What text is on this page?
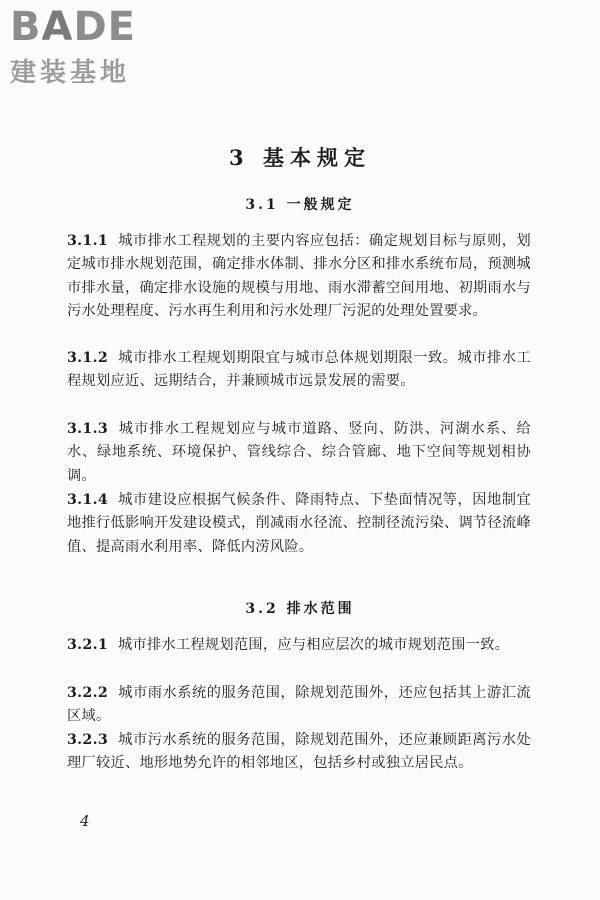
B A DE
建装基地
3 基本规定
3.1 一般规定
3.1.1 城市排水工程规划的主要内容应包括：确定规划目标与原则，划定城市排水规划范围，确定排水体制、排水分区和排水系统布局，预测城市排水量，确定排水设施的规模与用地、雨水滞蓄空间用地、初期雨水与污水处理程度、污水再生利用和污水处理厂污泥的处理处置要求。
3.1.2 城市排水工程规划期限宜与城市总体规划期限一致。城市排水工程规划应近、远期结合，并兼顾城市远景发展的需要。
3.1.3 城市排水工程规划应与城市道路、竖向、防洪、河湖水系、给水、绿地系统、环境保护、管线综合、综合管廊、地下空间等规划相协调。
3.1.4 城市建设应根据气候条件、降雨特点、下垫面情况等，因地制宜地推行低影响开发建设模式，削减雨水径流、控制径流污染、调节径流峰值、提高雨水利用率、降低内涝风险。
3.2 排水范围
3.2.1 城市排水工程规划范围，应与相应层次的城市规划范围一致。
3.2.2 城市雨水系统的服务范围，除规划范围外，还应包括其上游汇流区域。
3.2.3 城市污水系统的服务范围，除规划范围外，还应兼顾距离污水处理厂较近、地形地势允许的相邻地区，包括乡村或独立居民点。
4
